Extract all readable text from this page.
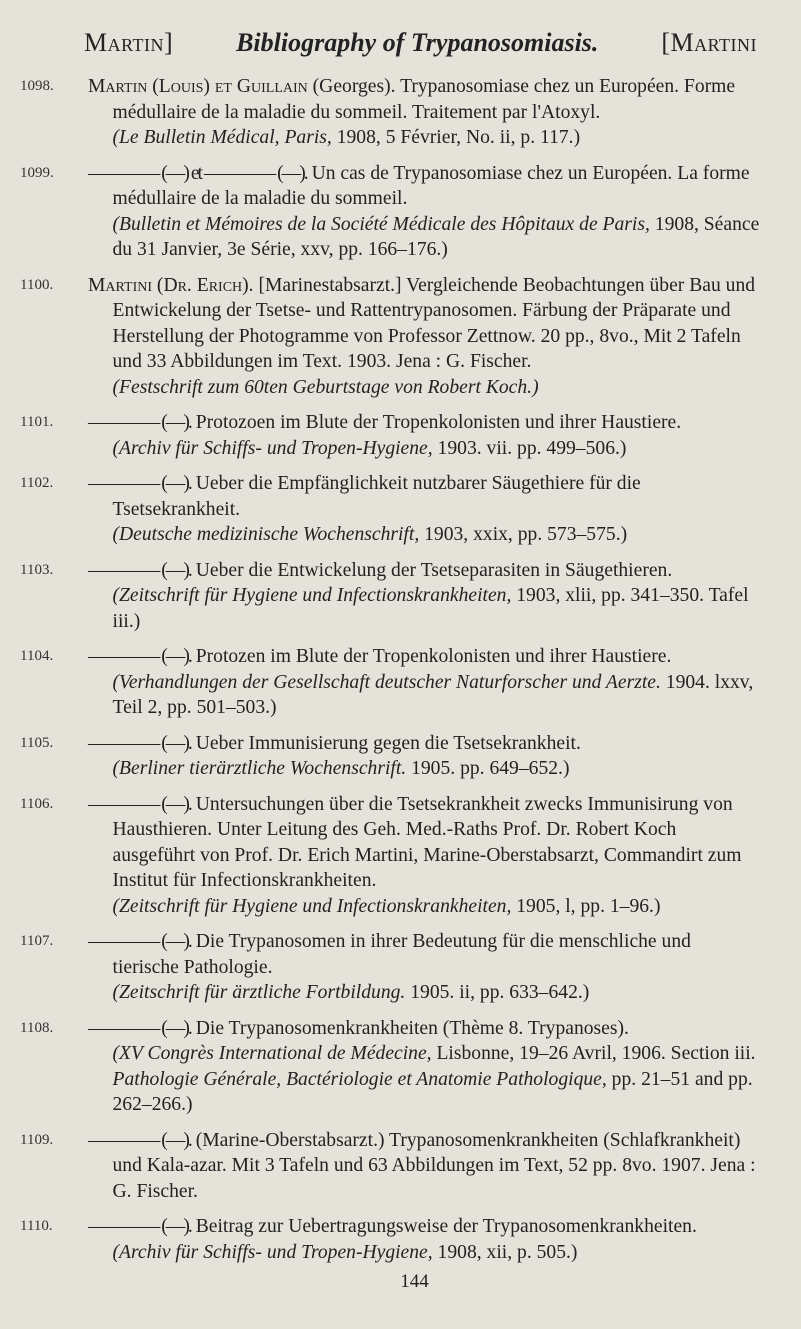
Martin] Bibliography of Trypanosomiasis. [Martini
1098.	Martin (Louis) et Guillain (Georges). Trypanosomiase chez un Européen. Forme médullaire de la maladie du sommeil. Traitement par l'Atoxyl.
(Le Bulletin Médical, Paris, 1908, 5 Février, No. ii, p. 117.)
1099.	———— (—) et ———— (—). Un cas de Trypanosomiase chez un Européen. La forme médullaire de la maladie du sommeil.
(Bulletin et Mémoires de la Société Médicale des Hôpitaux de Paris, 1908, Séance du 31 Janvier, 3e Série, xxv, pp. 166–176.)
1100.	Martini (Dr. Erich). [Marinestabsarzt.] Vergleichende Beobachtungen über Bau und Entwickelung der Tsetse- und Rattentrypanosomen. Färbung der Präparate und Herstellung der Photogramme von Professor Zettnow. 20 pp., 8vo., Mit 2 Tafeln und 33 Abbildungen im Text. 1903. Jena : G. Fischer.
(Festschrift zum 60ten Geburtstage von Robert Koch.)
1101.	———— (—). Protozoen im Blute der Tropenkolonisten und ihrer Haustiere.
(Archiv für Schiffs- und Tropen-Hygiene, 1903. vii. pp. 499–506.)
1102.	———— (—). Ueber die Empfänglichkeit nutzbarer Säugethiere für die Tsetsekrankheit.
(Deutsche medizinische Wochenschrift, 1903, xxix, pp. 573–575.)
1103.	———— (—). Ueber die Entwickelung der Tsetseparasiten in Säugethieren.
(Zeitschrift für Hygiene und Infectionskrankheiten, 1903, xlii, pp. 341–350. Tafel iii.)
1104.	———— (—). Protozen im Blute der Tropenkolonisten und ihrer Haustiere.
(Verhandlungen der Gesellschaft deutscher Naturforscher und Aerzte. 1904. lxxv, Teil 2, pp. 501–503.)
1105.	———— (—). Ueber Immunisierung gegen die Tsetsekrankheit.
(Berliner tierärztliche Wochenschrift. 1905. pp. 649–652.)
1106.	———— (—). Untersuchungen über die Tsetsekrankheit zwecks Immunisirung von Hausthieren. Unter Leitung des Geh. Med.-Raths Prof. Dr. Robert Koch ausgeführt von Prof. Dr. Erich Martini, Marine-Oberstabsarzt, Commandirt zum Institut für Infectionskrankheiten.
(Zeitschrift für Hygiene und Infectionskrankheiten, 1905, l, pp. 1–96.)
1107.	———— (—). Die Trypanosomen in ihrer Bedeutung für die menschliche und tierische Pathologie.
(Zeitschrift für ärztliche Fortbildung. 1905. ii, pp. 633–642.)
1108.	———— (—). Die Trypanosomenkrankheiten (Thème 8. Trypanoses).
(XV Congrès International de Médecine, Lisbonne, 19–26 Avril, 1906. Section iii.
Pathologie Générale, Bactériologie et Anatomie Pathologique, pp. 21–51 and pp. 262–266.)
1109.	———— (—). (Marine-Oberstabsarzt.) Trypanosomenkrankheiten (Schlafkrankheit) und Kala-azar. Mit 3 Tafeln und 63 Abbildungen im Text, 52 pp. 8vo. 1907. Jena : G. Fischer.
1110.	———— (—). Beitrag zur Uebertragungsweise der Trypanosomenkrankheiten.
(Archiv für Schiffs- und Tropen-Hygiene, 1908, xii, p. 505.)
144
